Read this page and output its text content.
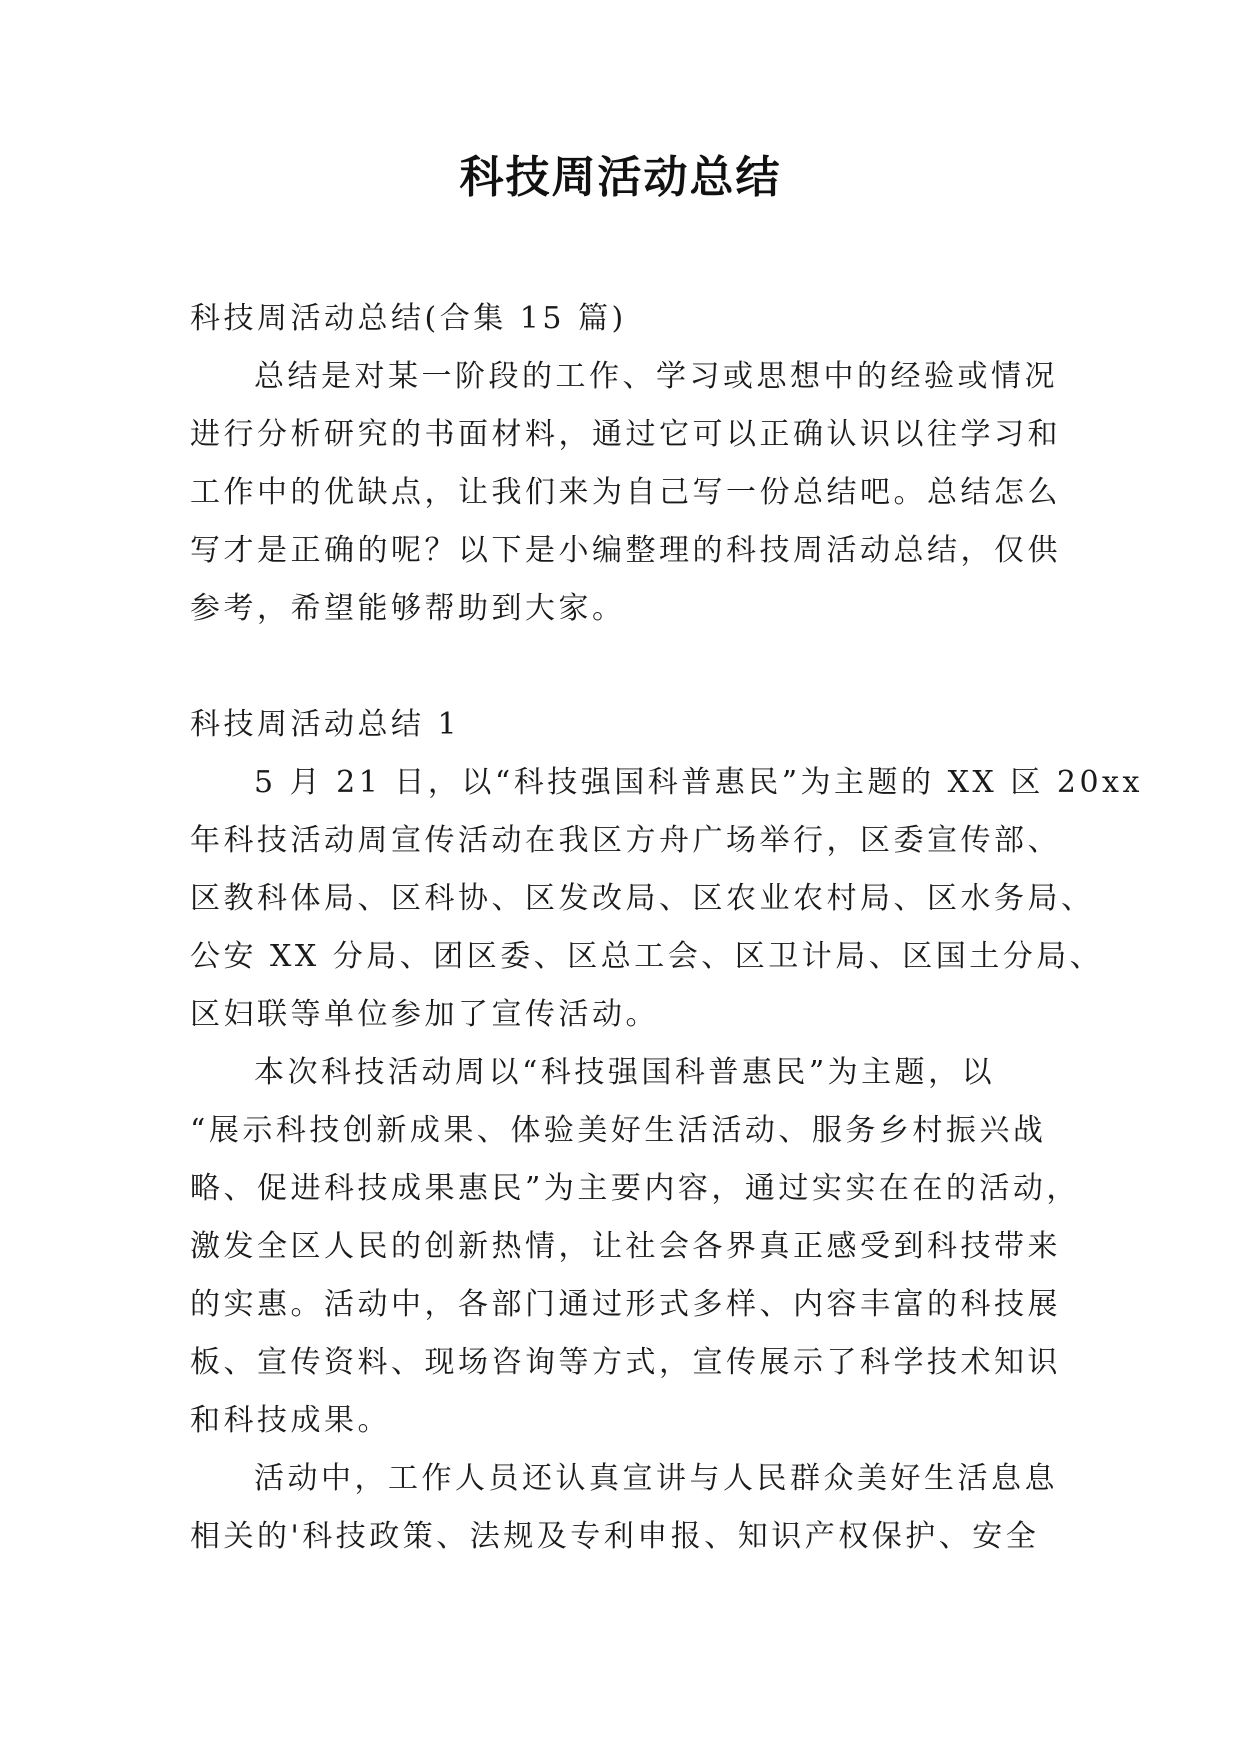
科技周活动总结
科技周活动总结(合集 15 篇)
总结是对某一阶段的工作、学习或思想中的经验或情况
进行分析研究的书面材料，通过它可以正确认识以往学习和
工作中的优缺点，让我们来为自己写一份总结吧。总结怎么
写才是正确的呢？以下是小编整理的科技周活动总结，仅供
参考，希望能够帮助到大家。
科技周活动总结 1
5 月 21 日，以“科技强国科普惠民”为主题的 XX 区 20xx
年科技活动周宣传活动在我区方舟广场举行，区委宣传部、
区教科体局、区科协、区发改局、区农业农村局、区水务局、
公安 XX 分局、团区委、区总工会、区卫计局、区国土分局、
区妇联等单位参加了宣传活动。
本次科技活动周以“科技强国科普惠民”为主题，以
“展示科技创新成果、体验美好生活活动、服务乡村振兴战
略、促进科技成果惠民”为主要内容，通过实实在在的活动，
激发全区人民的创新热情，让社会各界真正感受到科技带来
的实惠。活动中，各部门通过形式多样、内容丰富的科技展
板、宣传资料、现场咨询等方式，宣传展示了科学技术知识
和科技成果。
活动中，工作人员还认真宣讲与人民群众美好生活息息
相关的'科技政策、法规及专利申报、知识产权保护、安全
